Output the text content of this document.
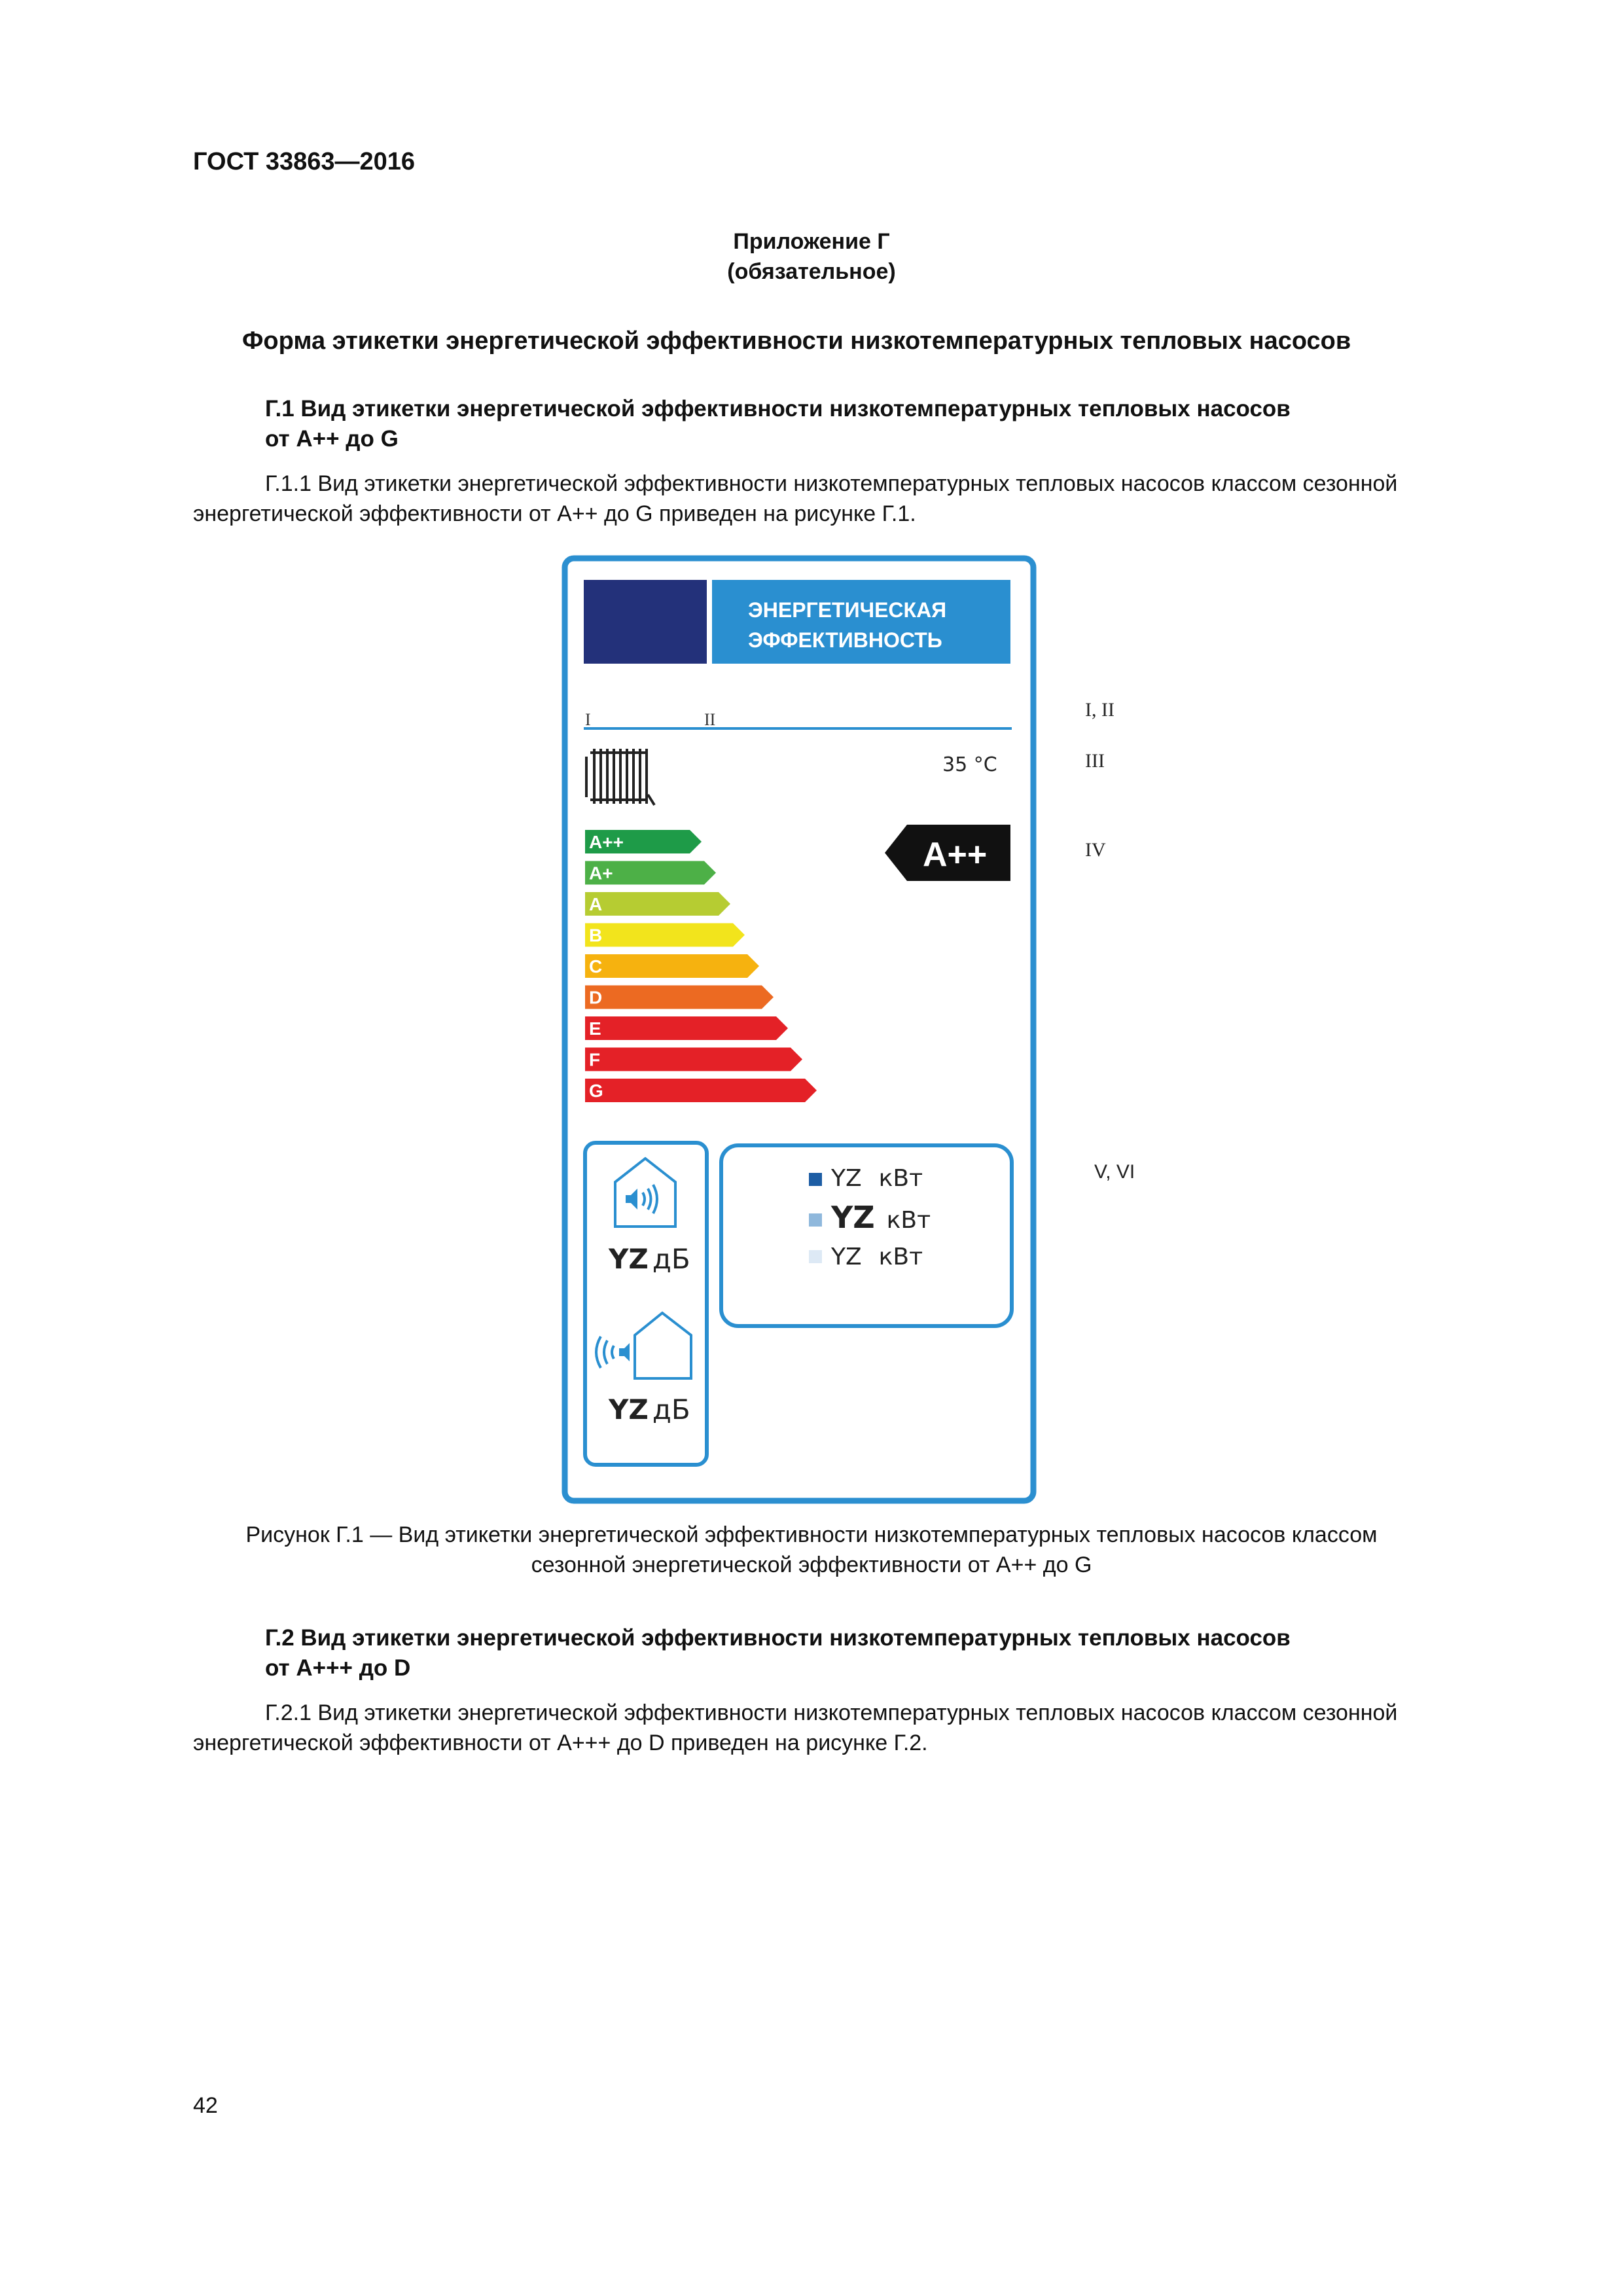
ГОСТ 33863—2016
Приложение Г
(обязательное)
Форма этикетки энергетической эффективности низкотемпературных тепловых насосов
Г.1 Вид этикетки энергетической эффективности низкотемпературных тепловых насосов
от A++ до G
Г.1.1 Вид этикетки энергетической эффективности низкотемпературных тепловых насосов классом сезонной энергетической эффективности от A++ до G приведен на рисунке Г.1.
ЭНЕРГЕТИЧЕСКАЯ
ЭФФЕКТИВНОСТЬ
I	II
35 °C
A++
A+
A
B
C
D
E
F
G
A++
YZ дБ
YZ дБ
YZ кВт
YZ кВт
YZ кВт
I, II
III
IV
V, VI
Рисунок Г.1 — Вид этикетки энергетической эффективности низкотемпературных тепловых насосов классом
сезонной энергетической эффективности от A++ до G
Г.2 Вид этикетки энергетической эффективности низкотемпературных тепловых насосов
от A+++ до D
Г.2.1 Вид этикетки энергетической эффективности низкотемпературных тепловых насосов классом сезонной энергетической эффективности от A+++ до D приведен на рисунке Г.2.
42
